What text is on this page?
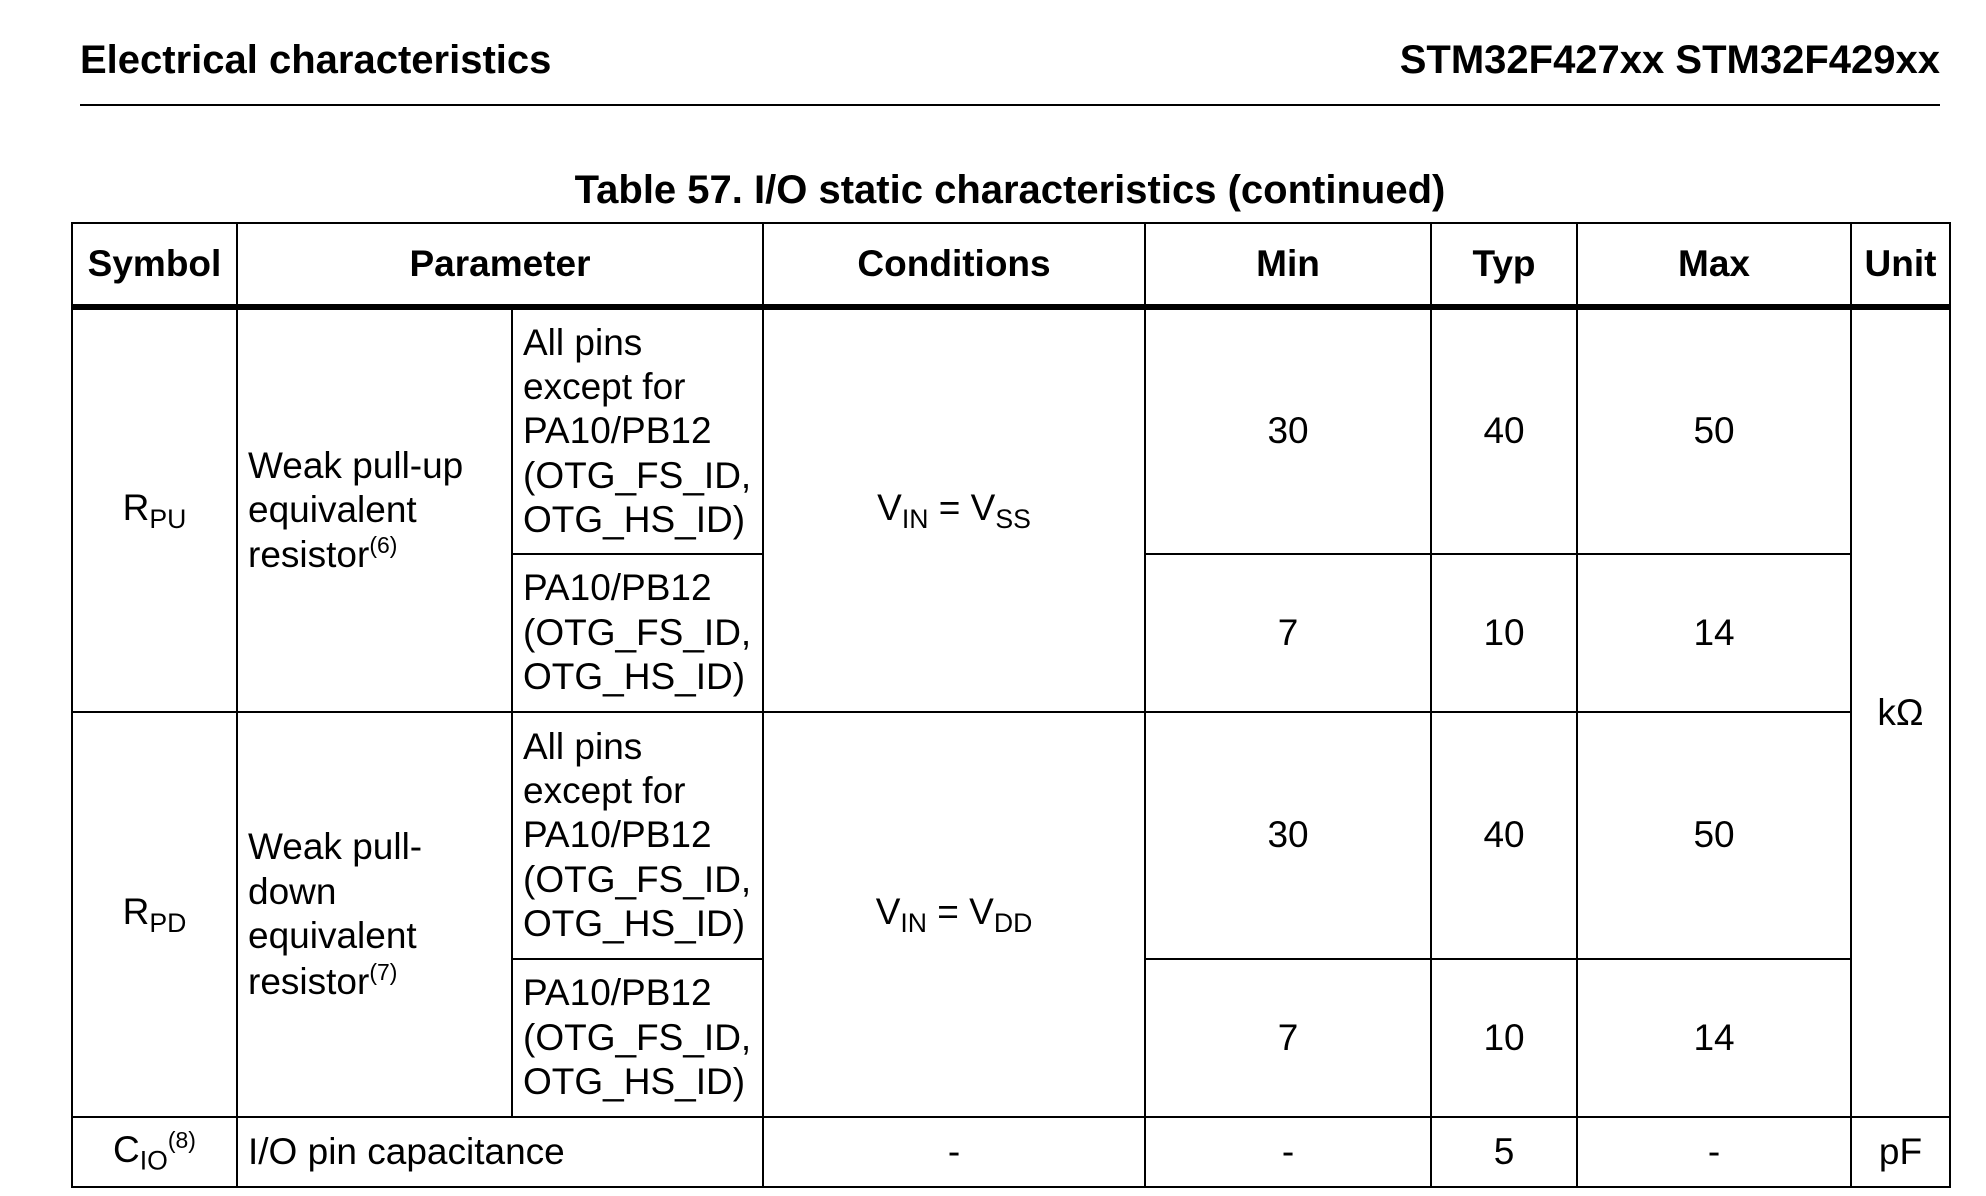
Electrical characteristics	STM32F427xx STM32F429xx
Table 57. I/O static characteristics (continued)
Symbol	Parameter		Conditions	Min	Typ	Max	Unit
$R_{PU}$	Weak pull-up equivalent resistor$^{(6)}$	All pins except for PA10/PB12 (OTG_FS_ID, OTG_HS_ID)	$V_{IN} = V_{SS}$	30	40	50	kΩ
		PA10/PB12 (OTG_FS_ID, OTG_HS_ID)		7	10	14	
$R_{PD}$	Weak pull-down equivalent resistor$^{(7)}$	All pins except for PA10/PB12 (OTG_FS_ID, OTG_HS_ID)	$V_{IN} = V_{DD}$	30	40	50	
		PA10/PB12 (OTG_FS_ID, OTG_HS_ID)		7	10	14	
$C_{IO}^{(8)}$	I/O pin capacitance		-	-	5	-	pF
